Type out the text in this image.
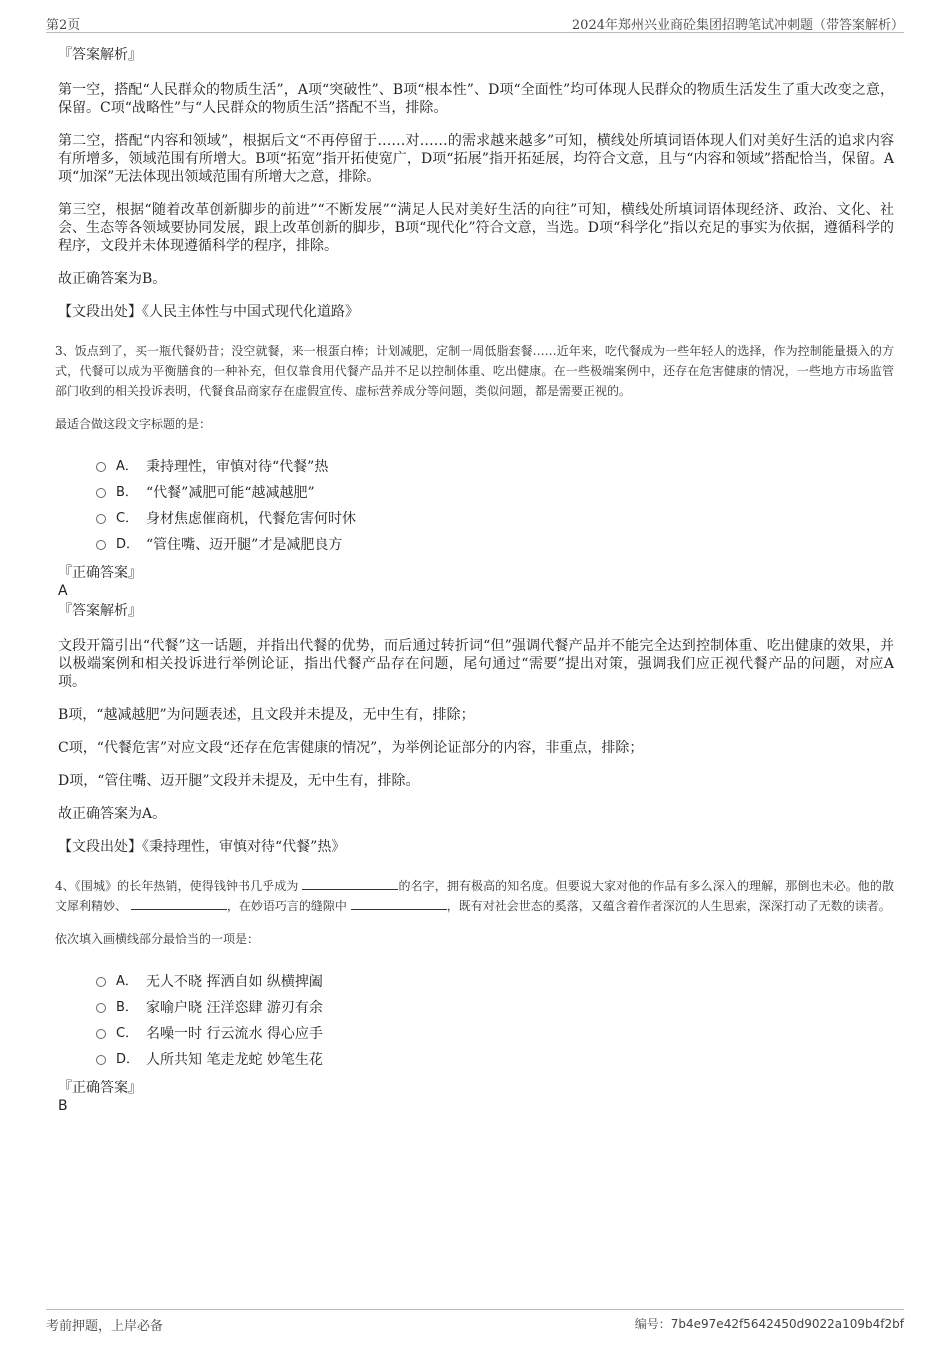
第2页	2024年郑州兴业商砼集团招聘笔试冲刺题（带答案解析）
『答案解析』

第一空，搭配“人民群众的物质生活”，A项“突破性”、B项“根本性”、D项“全面性”均可体现人民群众的物质生活发生了重大改变之意，保留。C项“战略性”与“人民群众的物质生活”搭配不当，排除。

第二空，搭配“内容和领域”，根据后文“不再停留于……对……的需求越来越多”可知，横线处所填词语体现人们对美好生活的追求内容有所增多，领域范围有所增大。B项“拓宽”指开拓使宽广，D项“拓展”指开拓延展，均符合文意，且与“内容和领域”搭配恰当，保留。A项“加深”无法体现出领域范围有所增大之意，排除。

第三空，根据“随着改革创新脚步的前进”“不断发展”“满足人民对美好生活的向往”可知，横线处所填词语体现经济、政治、文化、社会、生态等各领域要协同发展，跟上改革创新的脚步，B项“现代化”符合文意，当选。D项“科学化”指以充足的事实为依据，遵循科学的程序，文段并未体现遵循科学的程序，排除。

故正确答案为B。

【文段出处】《人民主体性与中国式现代化道路》
3、饭点到了，买一瓶代餐奶昔；没空就餐，来一根蛋白棒；计划减肥，定制一周低脂套餐……近年来，吃代餐成为一些年轻人的选择，作为控制能量摄入的方式，代餐可以成为平衡膳食的一种补充，但仅靠食用代餐产品并不足以控制体重、吃出健康。在一些极端案例中，还存在危害健康的情况，一些地方市场监管部门收到的相关投诉表明，代餐食品商家存在虚假宣传、虚标营养成分等问题，类似问题，都是需要正视的。
最适合做这段文字标题的是：
A． 秉持理性，审慎对待“代餐”热
B． “代餐”减肥可能“越减越肥”
C． 身材焦虑催商机，代餐危害何时休
D． “管住嘴、迈开腿”才是减肥良方
『正确答案』
A
『答案解析』

文段开篇引出“代餐”这一话题，并指出代餐的优势，而后通过转折词“但”强调代餐产品并不能完全达到控制体重、吃出健康的效果，并以极端案例和相关投诉进行举例论证，指出代餐产品存在问题，尾句通过“需要”提出对策，强调我们应正视代餐产品的问题，对应A项。

B项，“越减越肥”为问题表述，且文段并未提及，无中生有，排除；

C项，“代餐危害”对应文段“还存在危害健康的情况”，为举例论证部分的内容，非重点，排除；

D项，“管住嘴、迈开腿”文段并未提及，无中生有，排除。

故正确答案为A。

【文段出处】《秉持理性，审慎对待“代餐”热》
4、《围城》的长年热销，使得钱钟书几乎成为	的名字，拥有极高的知名度。但要说大家对他的作品有多么深入的理解，那倒也未必。他的散文犀利精妙、	，在妙语巧言的缝隙中	，既有对社会世态的奚落，又蕴含着作者深沉的人生思索，深深打动了无数的读者。
依次填入画横线部分最恰当的一项是：
A． 无人不晓 挥洒自如 纵横捭阖
B． 家喻户晓 汪洋恣肆 游刃有余
C． 名噪一时 行云流水 得心应手
D． 人所共知 笔走龙蛇 妙笔生花
『正确答案』
B
考前押题，上岸必备	编号：7b4e97e42f5642450d9022a109b4f2bf
